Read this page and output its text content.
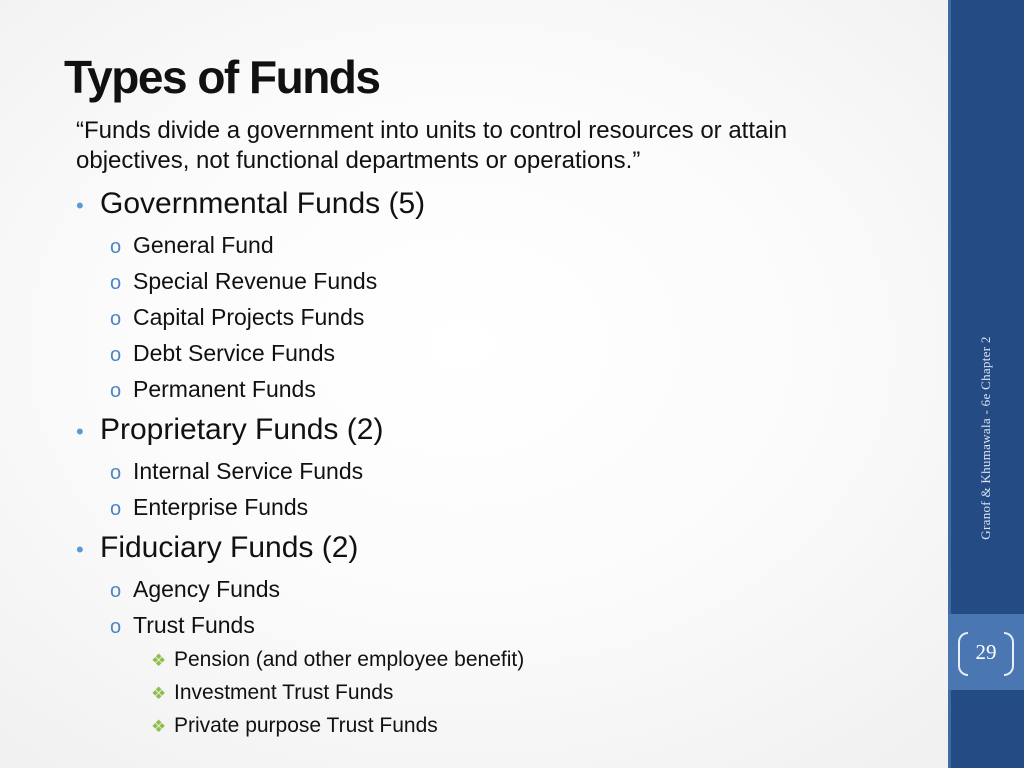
Types of Funds

“Funds divide a government into units to control resources or attain objectives, not functional departments or operations.”

• Governmental Funds (5)
o General Fund
o Special Revenue Funds
o Capital Projects Funds
o Debt Service Funds
o Permanent Funds
• Proprietary Funds (2)
o Internal Service Funds
o Enterprise Funds
• Fiduciary Funds (2)
o Agency Funds
o Trust Funds
❖ Pension (and other employee benefit)
❖ Investment Trust Funds
❖ Private purpose Trust Funds
Granof & Khumawala - 6e Chapter 2
29
